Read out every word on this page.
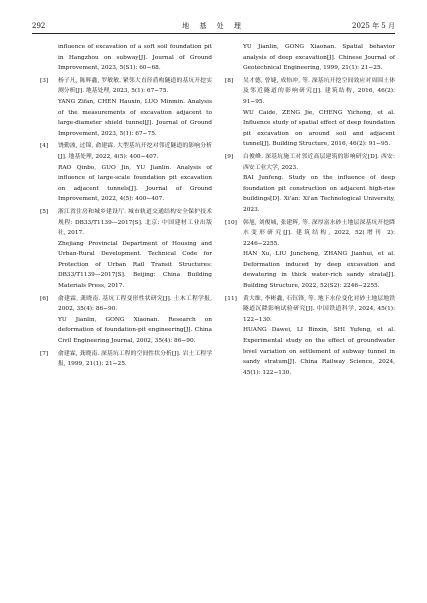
292	地 基 处 理	2025 年 5 月

influence of excavation of a soft soil foundation pit in Hangzhou on subway[J]. Journal of Ground Improvement, 2023, 5(S1): 60−68.

[3] 杨子凡, 陈辉鑫, 罗敏敏. 紧邻大直径盾构隧道的基坑开挖实测分析[J]. 地基处理, 2023, 5(1): 67−75.

YANG Zifan, CHEN Hauxin, LUO Minmin. Analysis of the measurements of excavation adjacent to large-diameter shield tunnel[J]. Journal of Ground Improvement, 2023, 5(1): 67−75.

[4] 饶勤波, 过锦, 俞建霖. 大型基坑开挖对邻近隧道的影响分析[J]. 地基处理, 2022, 4(5): 400−407.

RAO Qinbo, GUO Jin, YU Jianlin. Analysis of influence of large-scale foundation pit excavation on adjacent tunnels[J]. Journal of Ground Improvement, 2022, 4(5): 400−407.

[5] 浙江省住房和城乡建设厅. 城市轨道交通结构安全保护技术规程: DB33/T1139—2017[S]. 北京: 中国建材工业出版社, 2017.

Zhejiang Provincial Department of Housing and Urban-Rural Development. Technical Code for Protection of Urban Rail Transit Structures: DB33/T1139—2017[S]. Beijing: China Building Materials Press, 2017.

[6] 俞建霖, 龚晓南. 基坑工程变形性状研究[J]. 土木工程学报, 2002, 35(4): 86−90.

YU Jianlin, GONG Xiaonan. Research on deformation of foundation-pit engineering[J]. China Civil Engineering Journal, 2002, 35(4): 86−90.

[7] 俞建霖, 龚晓南. 深基坑工程的空间性状分析[J]. 岩土工程学报, 1999, 21(1): 21−25.

YU Jianlin, GONG Xiaonan. Spatial behavior analysis of deep excavation[J]. Chinese Journal of Geotechnical Engineering, 1999, 21(1): 21−25.

[8] 吴才德, 曾婕, 成怡冲, 等. 深基坑开挖空间效应对周围土体及邻近隧道的影响研究[J]. 建筑结构, 2016, 46(2): 91−95.

WU Caide, ZENG Jie, CHENG Yichong, et al. Influence study of spatial effect of deep foundation pit excavation on around soil and adjacent tunnel[J]. Building Structure, 2016, 46(2): 91−95.

[9] 白俊峰. 深基坑施工对邻近高层建筑的影响研究[D]. 西安: 西安工业大学, 2023.

BAI Junfeng. Study on the influence of deep foundation pit construction on adjacent high-rise buildings[D]. Xi'an: Xi'an Technological University, 2023.

[10] 韩旭, 刘俊城, 张建辉, 等. 深厚富水砂土地层深基坑开挖降水变形研究[J]. 建筑结构, 2022, 52(增刊 2): 2246−2255.

HAN Xu, LIU Juncheng, ZHANG Jianhui, et al. Deformation induced by deep excavation and dewatering in thick water-rich sandy strata[J]. Building Structure, 2022, 52(S2): 2246−2255.

[11] 黄大维, 李彬鑫, 石钰锋, 等. 地下水位变化对砂土地层地铁隧道沉降影响试验研究[J]. 中国铁道科学, 2024, 45(1): 122−130.

HUANG Dawei, LI Binxin, SHI Yufeng, et al. Experimental study on the effect of groundwater level variation on settlement of subway tunnel in sandy stratum[J]. China Railway Science, 2024, 45(1): 122−130.
